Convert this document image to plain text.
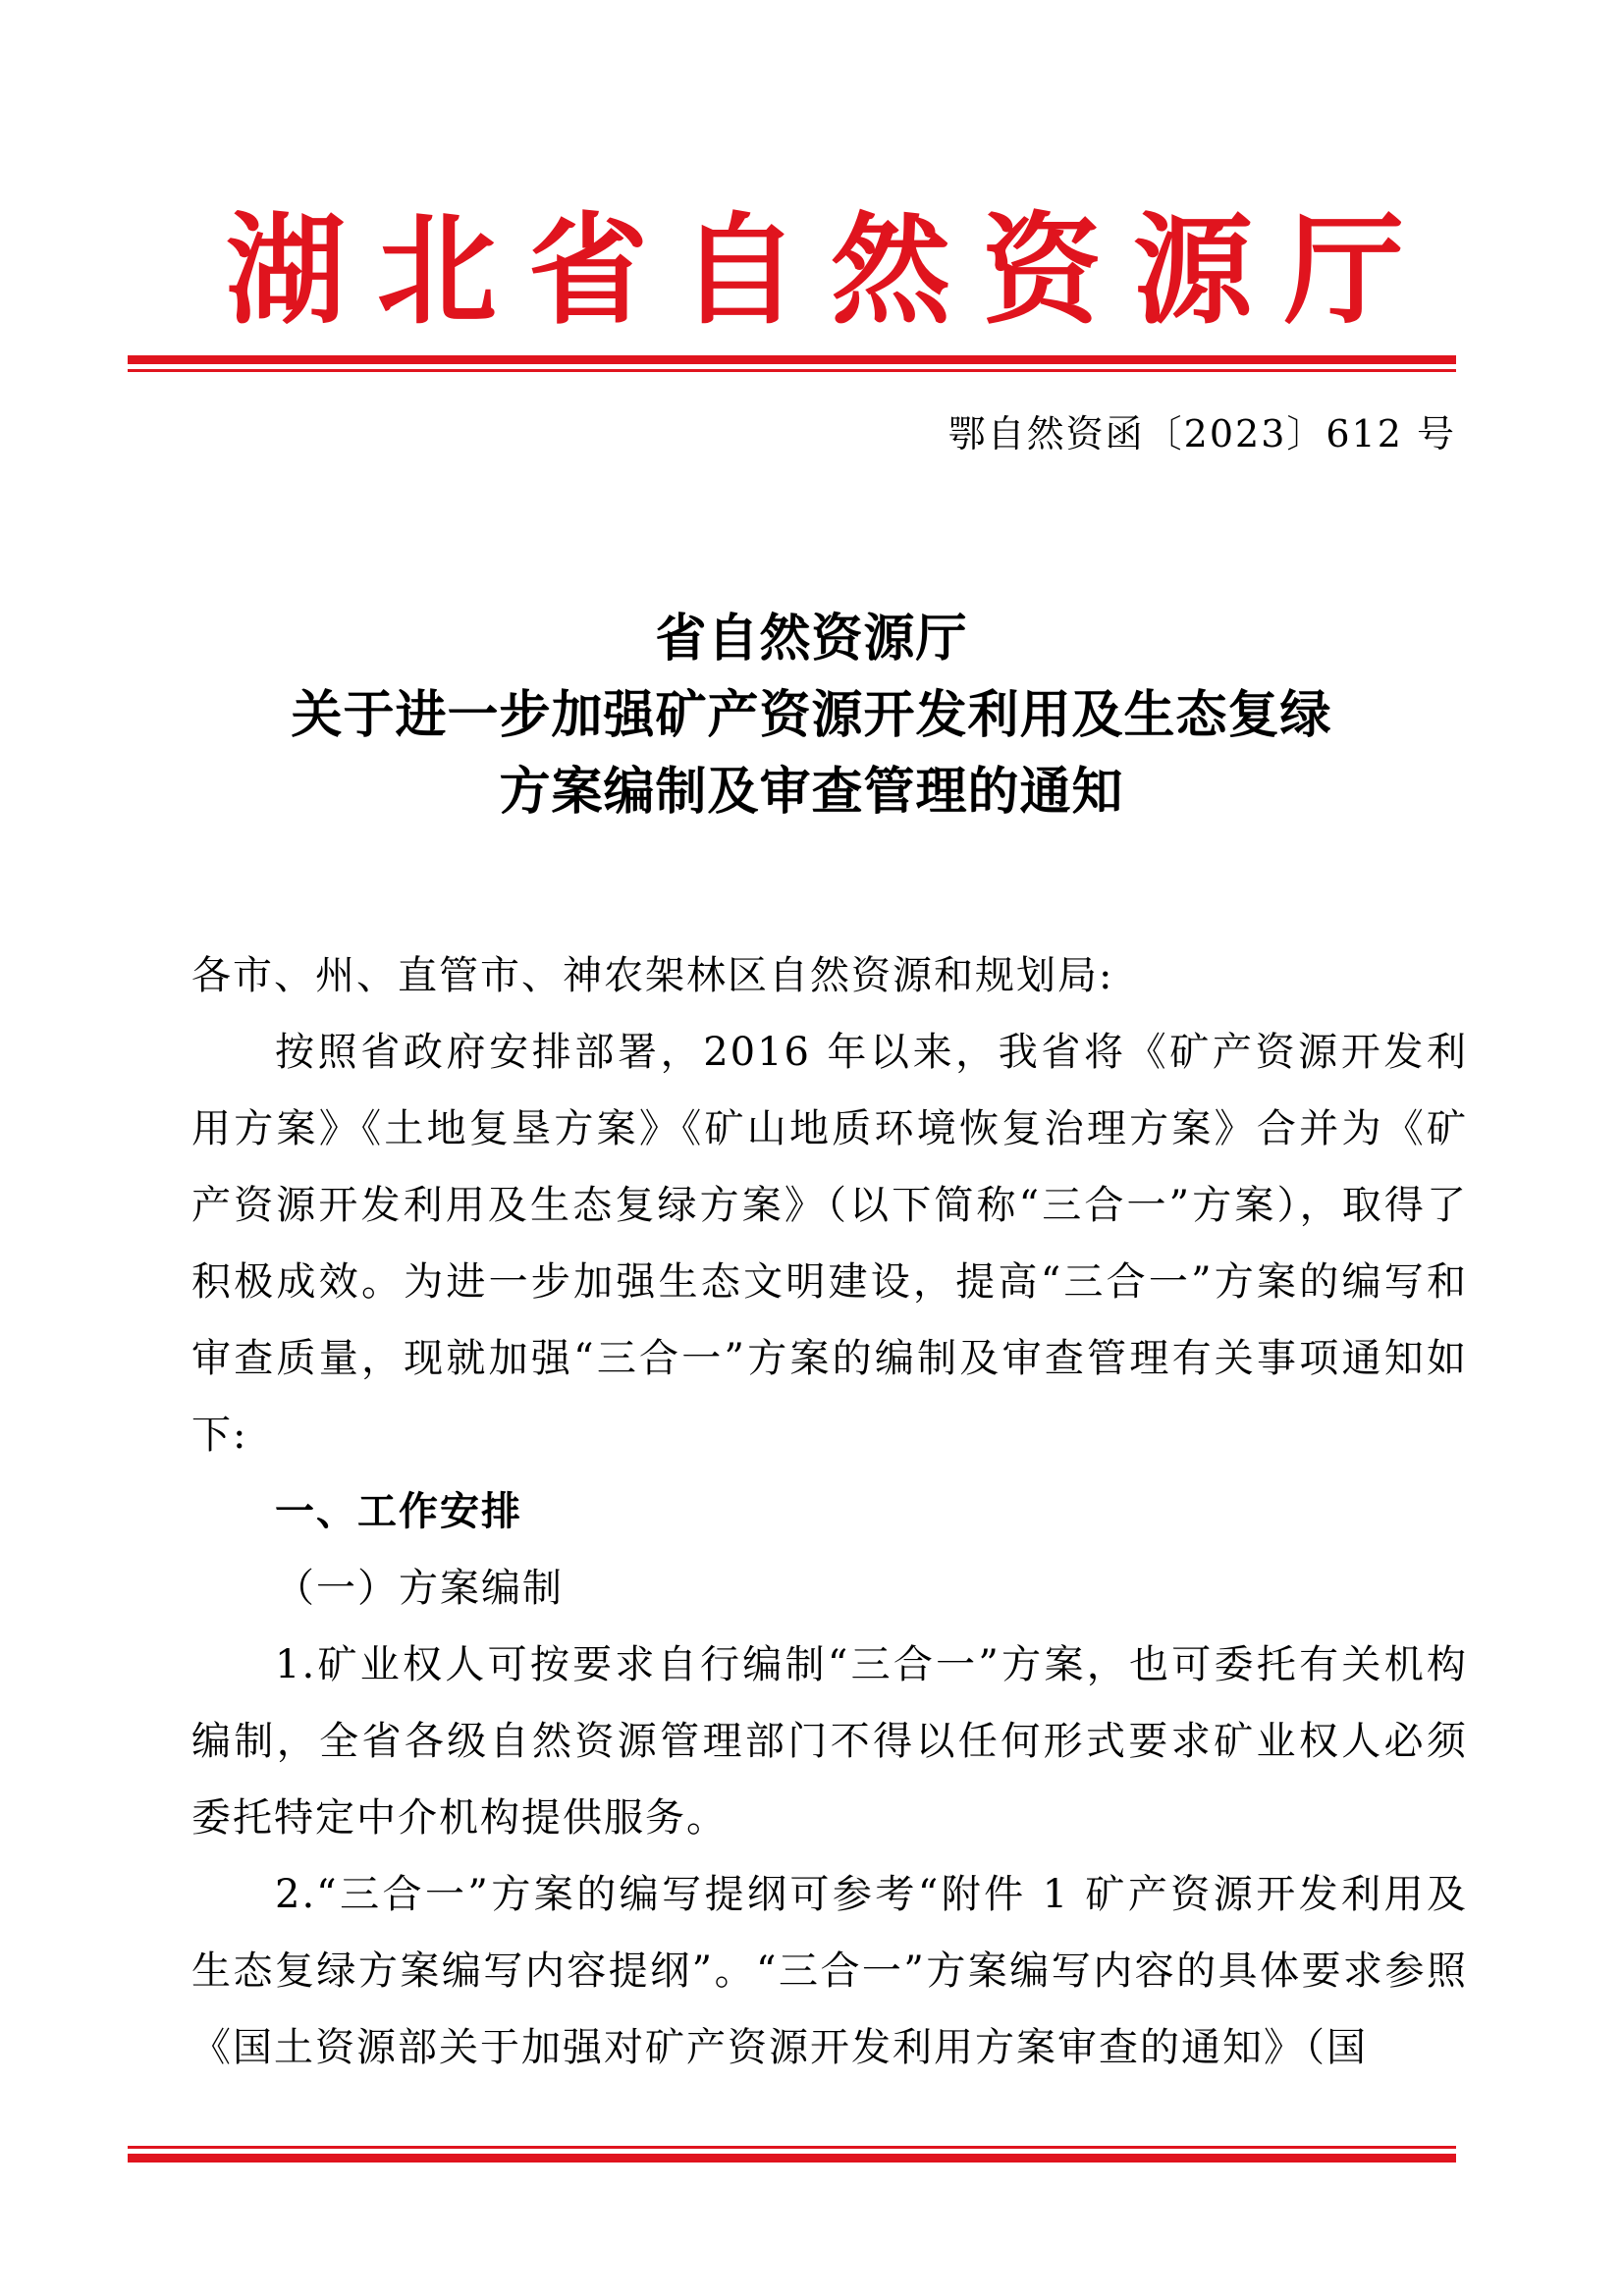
湖 北 省 自 然 资 源 厅
鄂自然资函〔2023〕612 号
省自然资源厅
关于进一步加强矿产资源开发利用及生态复绿
方案编制及审查管理的通知

各市、州、直管市、神农架林区自然资源和规划局:

按照省政府安排部署，2016 年以来，我省将《矿产资源开发利用方案》《土地复垦方案》《矿山地质环境恢复治理方案》合并为《矿产资源开发利用及生态复绿方案》（以下简称“三合一”方案），取得了积极成效。为进一步加强生态文明建设，提高“三合一”方案的编写和审查质量，现就加强“三合一”方案的编制及审查管理有关事项通知如下:

一、工作安排

（一）方案编制

1.矿业权人可按要求自行编制“三合一”方案，也可委托有关机构编制，全省各级自然资源管理部门不得以任何形式要求矿业权人必须委托特定中介机构提供服务。

2.“三合一”方案的编写提纲可参考“附件 1 矿产资源开发利用及生态复绿方案编写内容提纲”。“三合一”方案编写内容的具体要求参照《国土资源部关于加强对矿产资源开发利用方案审查的通知》（国
